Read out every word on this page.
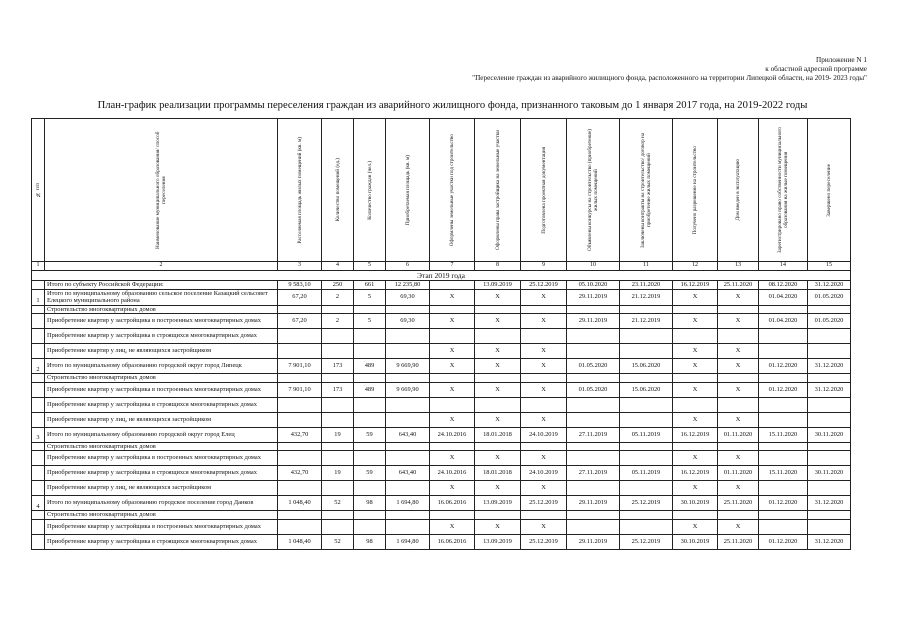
Приложение N 1
к областной адресной программе
"Переселение граждан из аварийного жилищного фонда, расположенного на территории Липецкой области, на 2019- 2023 годы"
План-график реализации программы переселения граждан из аварийного жилищного фонда, признанного таковым до 1 января 2017 года, на 2019-2022 годы
№ п/п	Наименование муниципального образования/ способ переселения	Расселяемая площадь жилых помещений (кв. м)	Количество помещений (ед.)	Количество граждан (чел.)	Приобретаемая площадь (кв. м)	Оформлены земельные участки под строительство	Оформлены права застройщика на земельные участки	Подготовлена проектная документация	Объявлены конкурсы на строительство (приобретение) жилых помещений	Заключены контракты на строительство/ договор на приобретение жилых помещений	Получено разрешение на строительство	Дом введен в эксплуатацию	Зарегистрировано право собственности муниципального образования на жилые помещения	Завершено переселение

1	2	3	4	5	6	7	8	9	10	11	12	13	14	15
Этап 2019 года														
	Итого по субъекту Российской Федерации:	9 583,10	250	661	12 235,80		13.09.2019	25.12.2019	05.10.2020	23.11.2020	16.12.2019	25.11.2020	08.12.2020	31.12.2020
1	Итого по муниципальному образованию сельское поселение Казацкий сельсовет Елецкого муниципального района	67,20	2	5	69,30	X	X	X	29.11.2019	21.12.2019	X	X	01.04.2020	01.05.2020
	Строительство многоквартирных домов													
	Приобретение квартир у застройщика в построенных многоквартирных домах	67,20	2	5	69,30	X	X	X	29.11.2019	21.12.2019	X	X	01.04.2020	01.05.2020
	Приобретение квартир у застройщика в строящихся многоквартирных домах													
	Приобретение квартир у лиц, не являющихся застройщиком					X	X	X			X	X		
2	Итого по муниципальному образованию городской округ город Липецк	7 901,10	173	489	9 669,90	X	X	X	01.05.2020	15.06.2020	X	X	01.12.2020	31.12.2020
	Строительство многоквартирных домов													
	Приобретение квартир у застройщика в построенных многоквартирных домах	7 901,10	173	489	9 669,90	X	X	X	01.05.2020	15.06.2020	X	X	01.12.2020	31.12.2020
	Приобретение квартир у застройщика в строящихся многоквартирных домах													
	Приобретение квартир у лиц, не являющихся застройщиком					X	X	X			X	X		
3	Итого по муниципальному образованию городской округ город Елец	432,70	19	59	643,40	24.10.2016	18.01.2018	24.10.2019	27.11.2019	05.11.2019	16.12.2019	01.11.2020	15.11.2020	30.11.2020
	Строительство многоквартирных домов													
	Приобретение квартир у застройщика в построенных многоквартирных домах					X	X	X			X	X		
	Приобретение квартир у застройщика в строящихся многоквартирных домах	432,70	19	59	643,40	24.10.2016	18.01.2018	24.10.2019	27.11.2019	05.11.2019	16.12.2019	01.11.2020	15.11.2020	30.11.2020
	Приобретение квартир у лиц, не являющихся застройщиком					X	X	X			X	X		
4	Итого по муниципальному образованию городское поселение город Данков	1 048,40	52	98	1 694,80	16.06.2016	13.09.2019	25.12.2019	29.11.2019	25.12.2019	30.10.2019	25.11.2020	01.12.2020	31.12.2020
	Строительство многоквартирных домов													
	Приобретение квартир у застройщика в построенных многоквартирных домах					X	X	X			X	X		
	Приобретение квартир у застройщика в строящихся многоквартирных домах	1 048,40	52	98	1 694,80	16.06.2016	13.09.2019	25.12.2019	29.11.2019	25.12.2019	30.10.2019	25.11.2020	01.12.2020	31.12.2020
